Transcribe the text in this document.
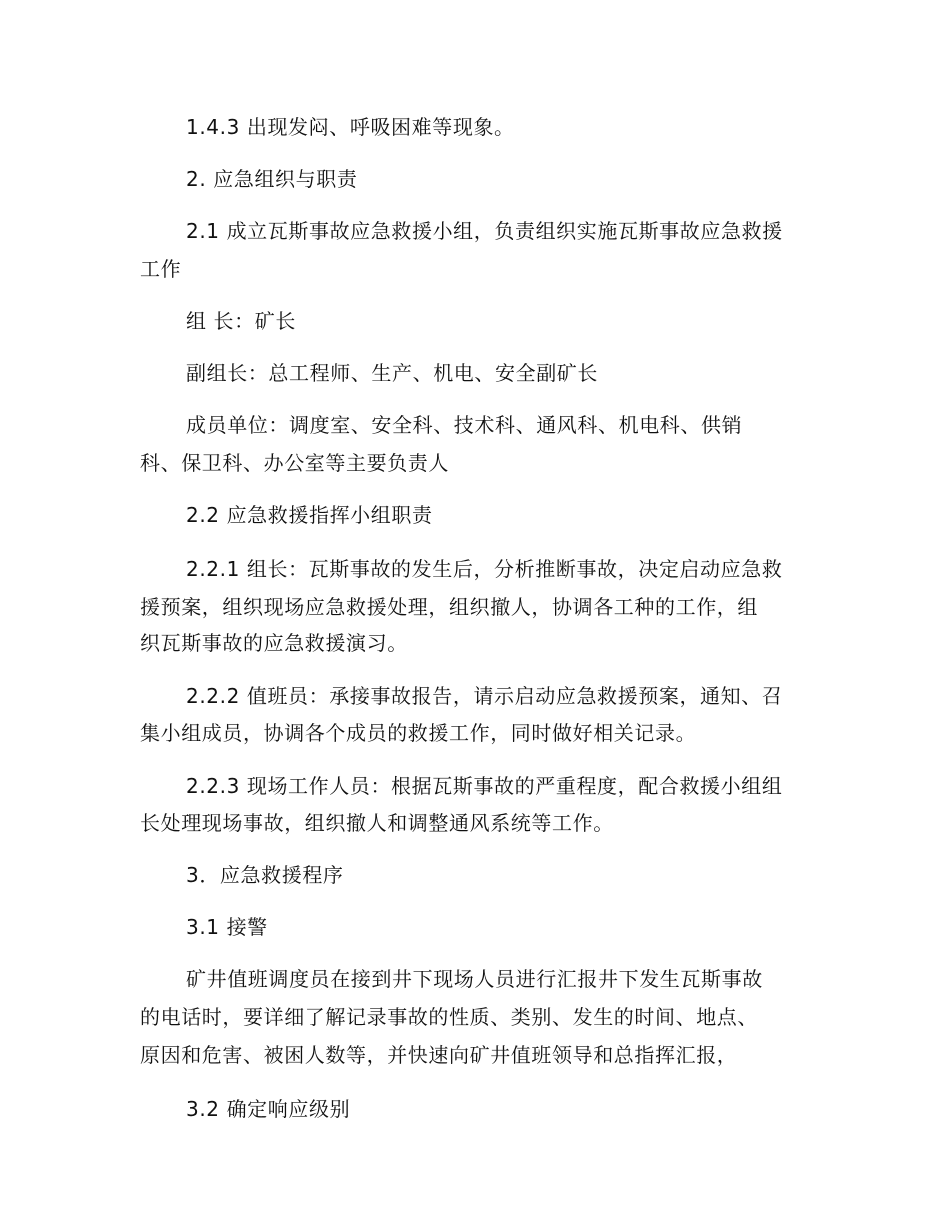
1.4.3 出现发闷、呼吸困难等现象。
2. 应急组织与职责
2.1 成立瓦斯事故应急救援小组，负责组织实施瓦斯事故应急救援
工作
组 长：矿长
副组长：总工程师、生产、机电、安全副矿长
成员单位：调度室、安全科、技术科、通风科、机电科、供销
科、保卫科、办公室等主要负责人
2.2 应急救援指挥小组职责
2.2.1 组长：瓦斯事故的发生后，分析推断事故，决定启动应急救
援预案，组织现场应急救援处理，组织撤人，协调各工种的工作，组
织瓦斯事故的应急救援演习。
2.2.2 值班员：承接事故报告，请示启动应急救援预案，通知、召
集小组成员，协调各个成员的救援工作，同时做好相关记录。
2.2.3 现场工作人员：根据瓦斯事故的严重程度，配合救援小组组
长处理现场事故，组织撤人和调整通风系统等工作。
3．应急救援程序
3.1 接警
矿井值班调度员在接到井下现场人员进行汇报井下发生瓦斯事故
的电话时，要详细了解记录事故的性质、类别、发生的时间、地点、
原因和危害、被困人数等，并快速向矿井值班领导和总指挥汇报，
3.2 确定响应级别
